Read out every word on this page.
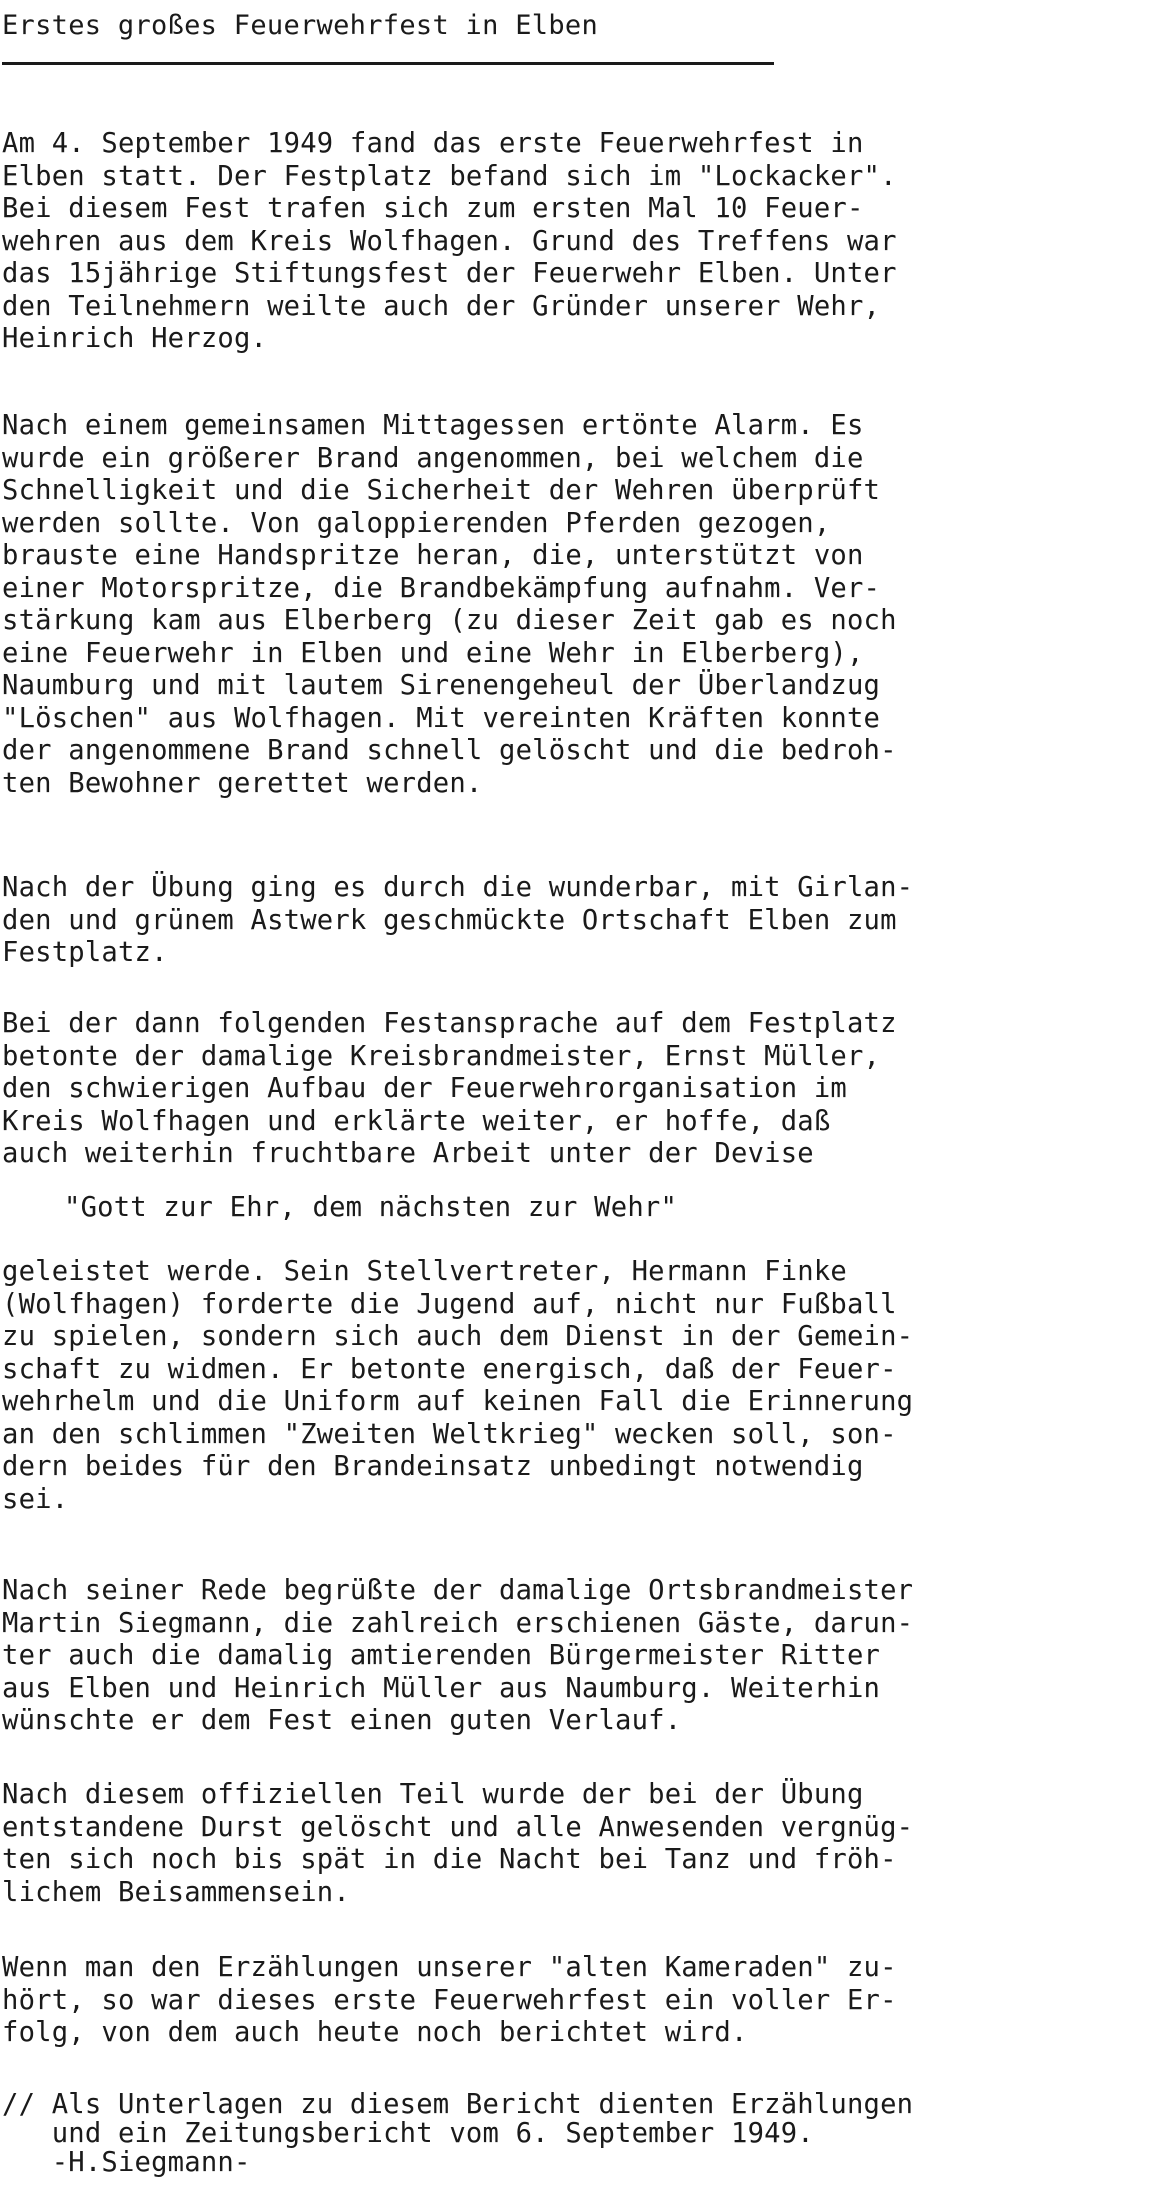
Erstes großes Feuerwehrfest in Elben
Am 4. September 1949 fand das erste Feuerwehrfest in
Elben statt. Der Festplatz befand sich im "Lockacker".
Bei diesem Fest trafen sich zum ersten Mal 10 Feuer-
wehren aus dem Kreis Wolfhagen. Grund des Treffens war
das 15jährige Stiftungsfest der Feuerwehr Elben. Unter
den Teilnehmern weilte auch der Gründer unserer Wehr,
Heinrich Herzog.
Nach einem gemeinsamen Mittagessen ertönte Alarm. Es
wurde ein größerer Brand angenommen, bei welchem die
Schnelligkeit und die Sicherheit der Wehren überprüft
werden sollte. Von galoppierenden Pferden gezogen,
brauste eine Handspritze heran, die, unterstützt von
einer Motorspritze, die Brandbekämpfung aufnahm. Ver-
stärkung kam aus Elberberg (zu dieser Zeit gab es noch
eine Feuerwehr in Elben und eine Wehr in Elberberg),
Naumburg und mit lautem Sirenengeheul der Überlandzug
"Löschen" aus Wolfhagen. Mit vereinten Kräften konnte
der angenommene Brand schnell gelöscht und die bedroh-
ten Bewohner gerettet werden.
Nach der Übung ging es durch die wunderbar, mit Girlan-
den und grünem Astwerk geschmückte Ortschaft Elben zum
Festplatz.
Bei der dann folgenden Festansprache auf dem Festplatz
betonte der damalige Kreisbrandmeister, Ernst Müller,
den schwierigen Aufbau der Feuerwehrorganisation im
Kreis Wolfhagen und erklärte weiter, er hoffe, daß
auch weiterhin fruchtbare Arbeit unter der Devise
"Gott zur Ehr, dem nächsten zur Wehr"
geleistet werde. Sein Stellvertreter, Hermann Finke
(Wolfhagen) forderte die Jugend auf, nicht nur Fußball
zu spielen, sondern sich auch dem Dienst in der Gemein-
schaft zu widmen. Er betonte energisch, daß der Feuer-
wehrhelm und die Uniform auf keinen Fall die Erinnerung
an den schlimmen "Zweiten Weltkrieg" wecken soll, son-
dern beides für den Brandeinsatz unbedingt notwendig
sei.
Nach seiner Rede begrüßte der damalige Ortsbrandmeister
Martin Siegmann, die zahlreich erschienen Gäste, darun-
ter auch die damalig amtierenden Bürgermeister Ritter
aus Elben und Heinrich Müller aus Naumburg. Weiterhin
wünschte er dem Fest einen guten Verlauf.
Nach diesem offiziellen Teil wurde der bei der Übung
entstandene Durst gelöscht und alle Anwesenden vergnüg-
ten sich noch bis spät in die Nacht bei Tanz und fröh-
lichem Beisammensein.
Wenn man den Erzählungen unserer "alten Kameraden" zu-
hört, so war dieses erste Feuerwehrfest ein voller Er-
folg, von dem auch heute noch berichtet wird.
// Als Unterlagen zu diesem Bericht dienten Erzählungen
und ein Zeitungsbericht vom 6. September 1949.
-H.Siegmann-
